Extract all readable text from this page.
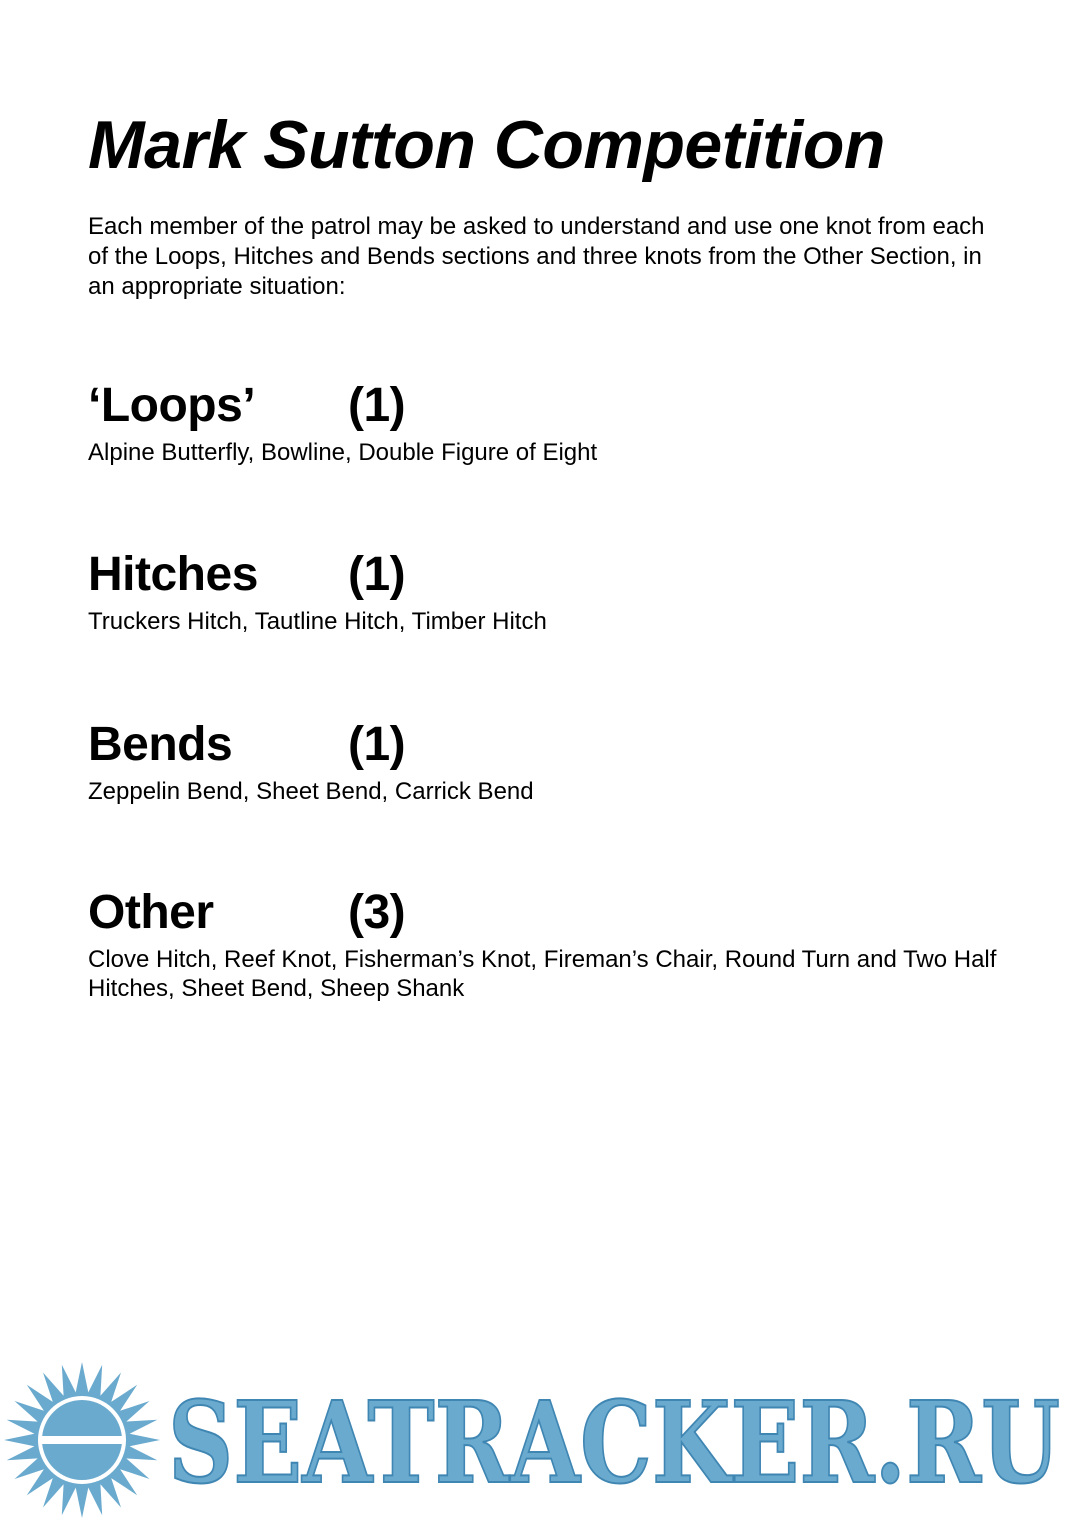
Mark Sutton Competition

Each member of the patrol may be asked to understand and use one knot from each of the Loops, Hitches and Bends sections and three knots from the Other Section, in an appropriate situation:

‘Loops’ (1)

Alpine Butterfly, Bowline, Double Figure of Eight

Hitches (1)

Truckers Hitch, Tautline Hitch, Timber Hitch

Bends (1)

Zeppelin Bend, Sheet Bend, Carrick Bend

Other	(3)

Clove Hitch, Reef Knot, Fisherman’s Knot, Fireman’s Chair, Round Turn and Two Half Hitches, Sheet Bend, Sheep Shank

SEATRACKER.RU
